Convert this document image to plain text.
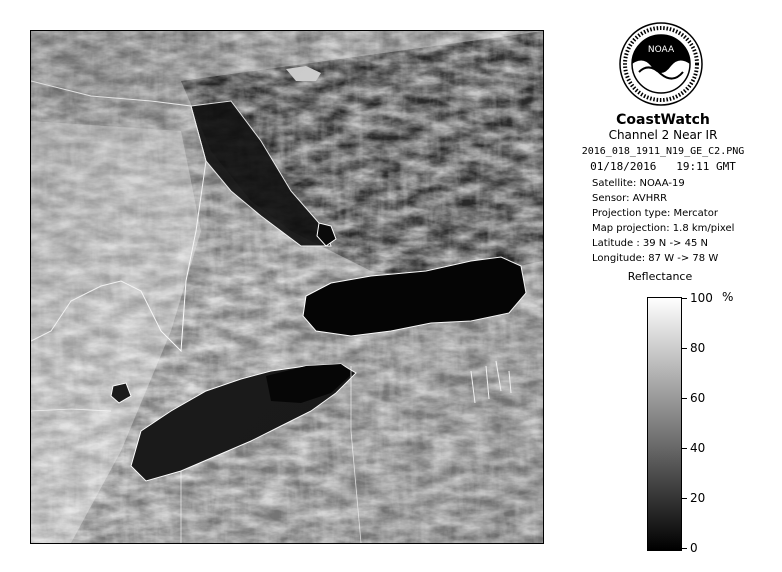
NOAA
CoastWatch
Channel 2 Near IR
2016_018_1911_N19_GE_C2.PNG
01/18/2016 19:11 GMT
Satellite: NOAA-19
Sensor: AVHRR
Projection type: Mercator
Map projection: 1.8 km/pixel
Latitude : 39 N -> 45 N
Longitude: 87 W -> 78 W
Reflectance
%
100
80
60
40
20
0
